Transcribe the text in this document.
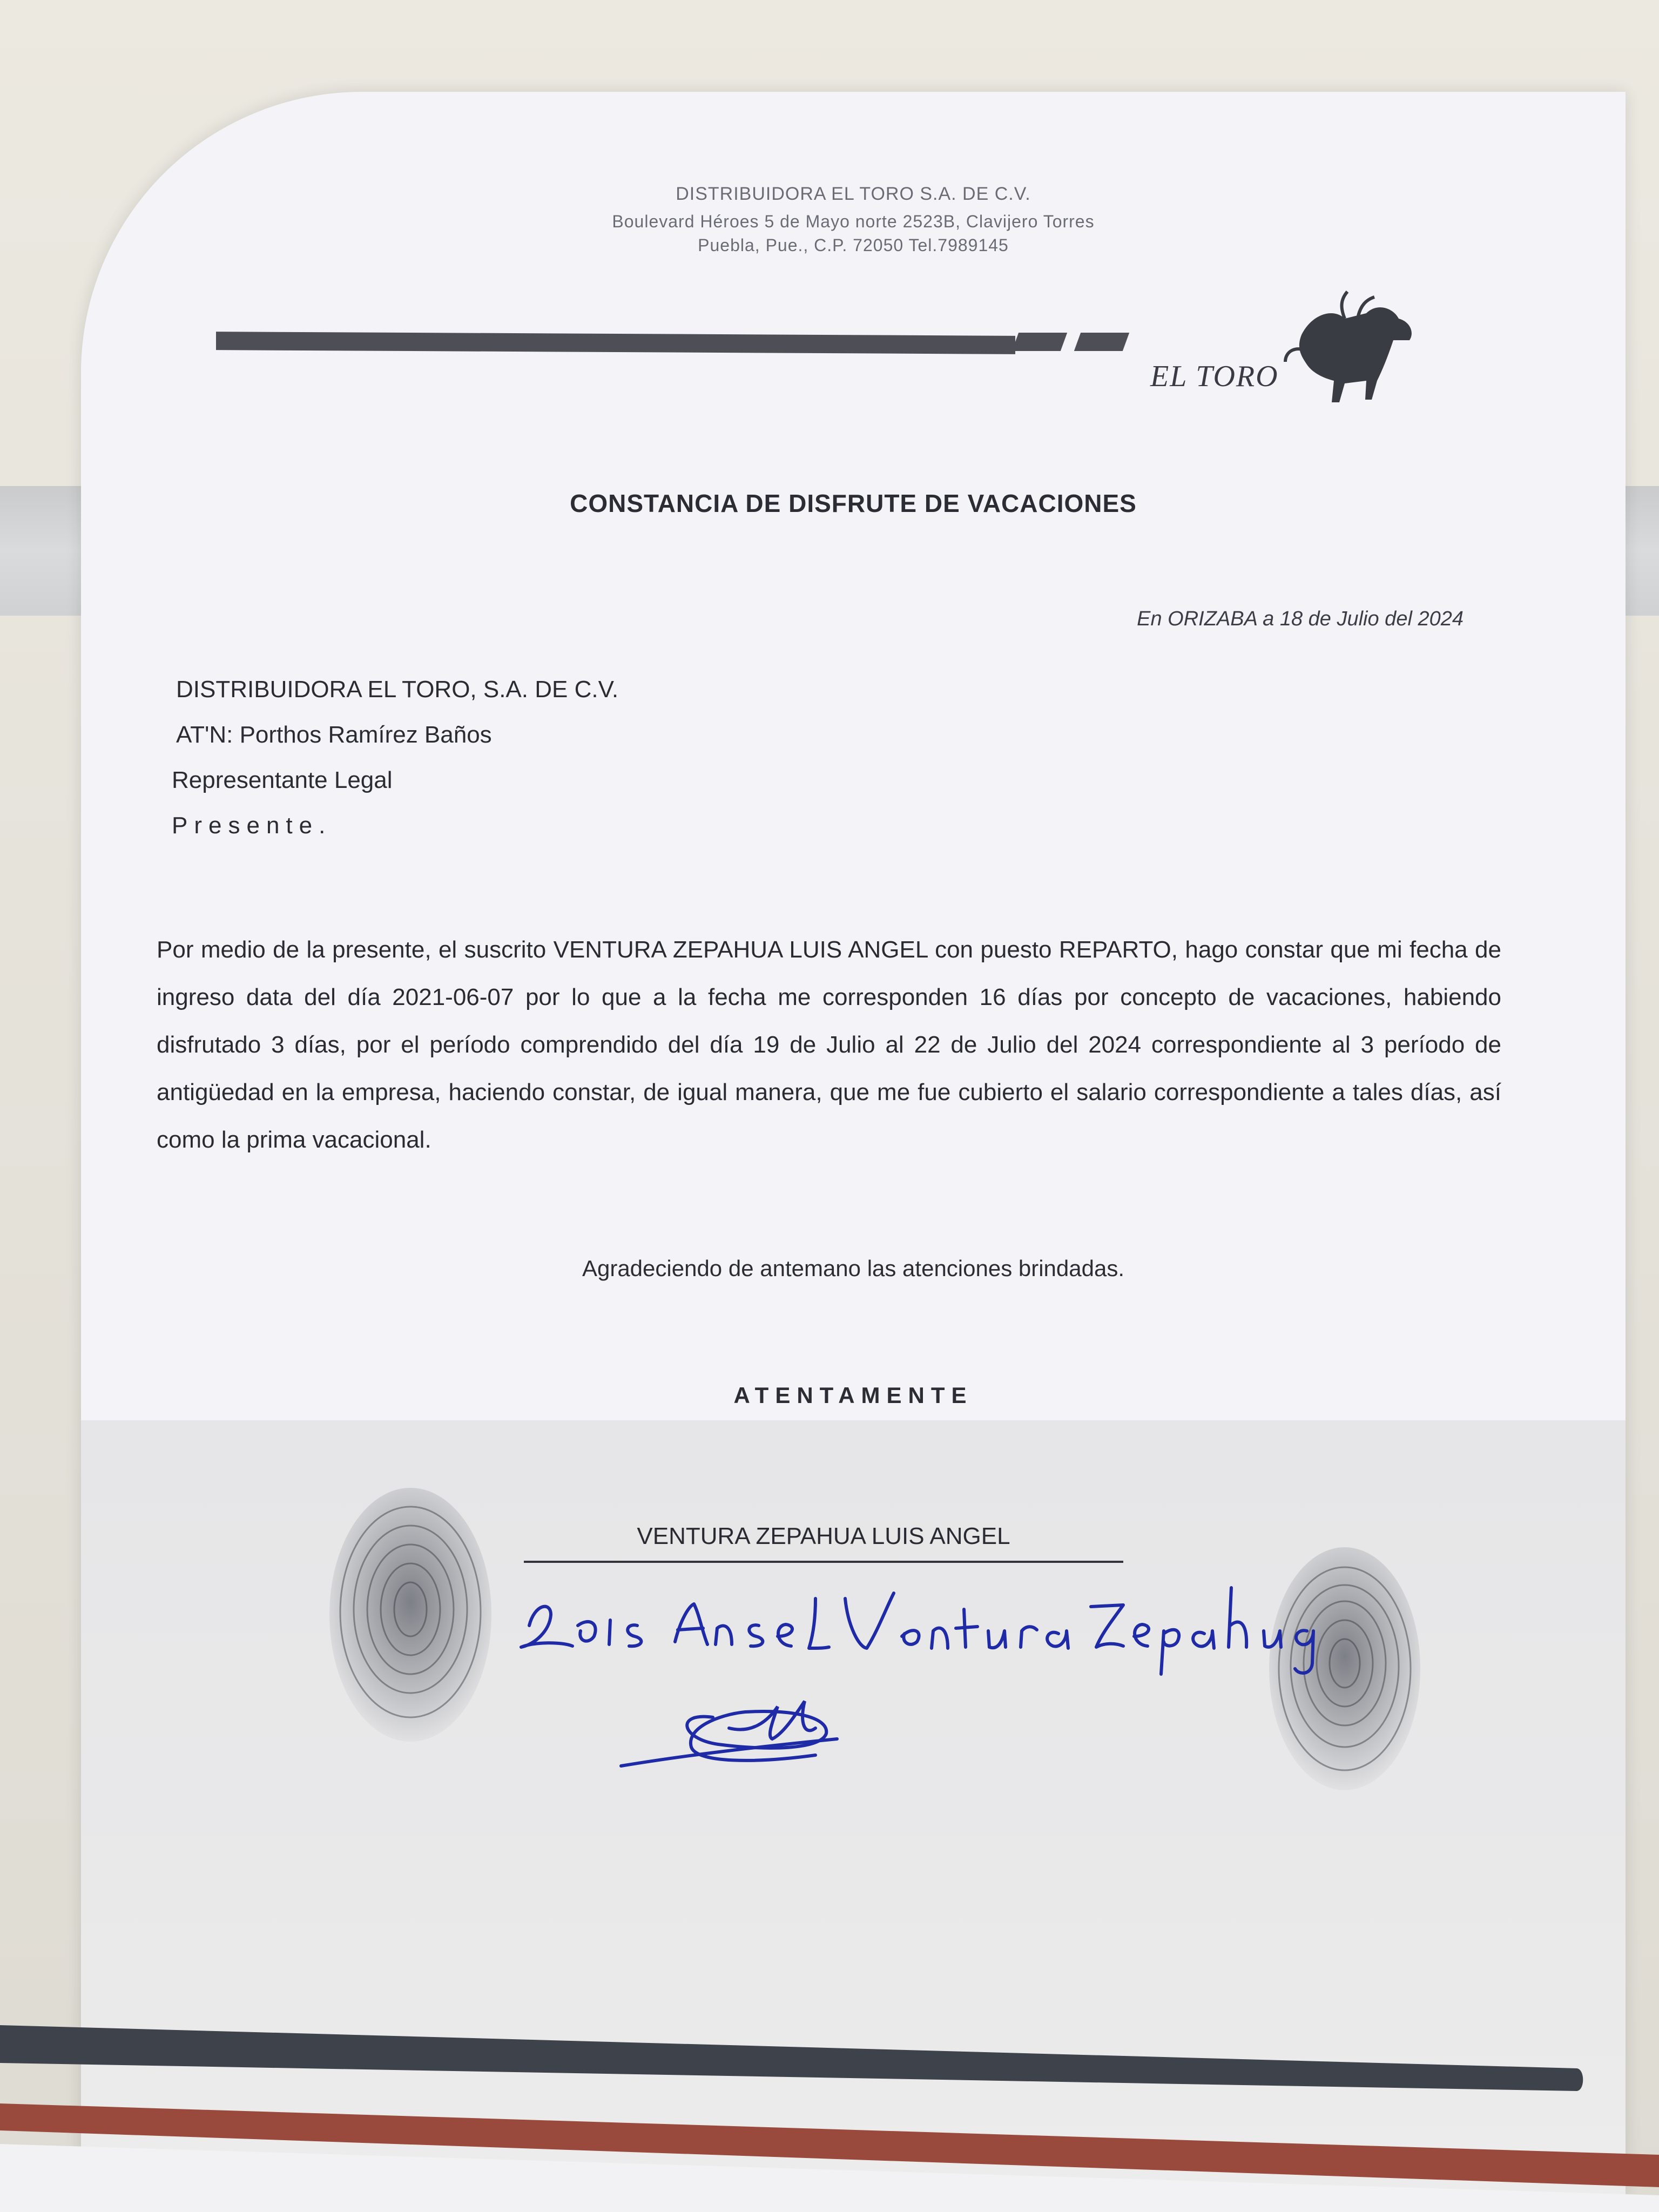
DISTRIBUIDORA EL TORO S.A. DE C.V.
Boulevard Héroes 5 de Mayo norte 2523B, Clavijero Torres
Puebla, Pue., C.P. 72050 Tel.7989145
EL TORO
CONSTANCIA DE DISFRUTE DE VACACIONES
En ORIZABA a 18 de Julio del 2024
DISTRIBUIDORA EL TORO, S.A. DE C.V.
AT'N: Porthos Ramírez Baños
Representante Legal
Presente.
Por medio de la presente, el suscrito VENTURA ZEPAHUA LUIS ANGEL con puesto REPARTO, hago constar que mi fecha de ingreso data del día 2021-06-07 por lo que a la fecha me corresponden 16 días por concepto de vacaciones, habiendo disfrutado 3 días, por el período comprendido del día 19 de Julio al 22 de Julio del 2024 correspondiente al 3 período de antigüedad en la empresa, haciendo constar, de igual manera, que me fue cubierto el salario correspondiente a tales días, así como la prima vacacional.
Agradeciendo de antemano las atenciones brindadas.
ATENTAMENTE
VENTURA ZEPAHUA LUIS ANGEL
